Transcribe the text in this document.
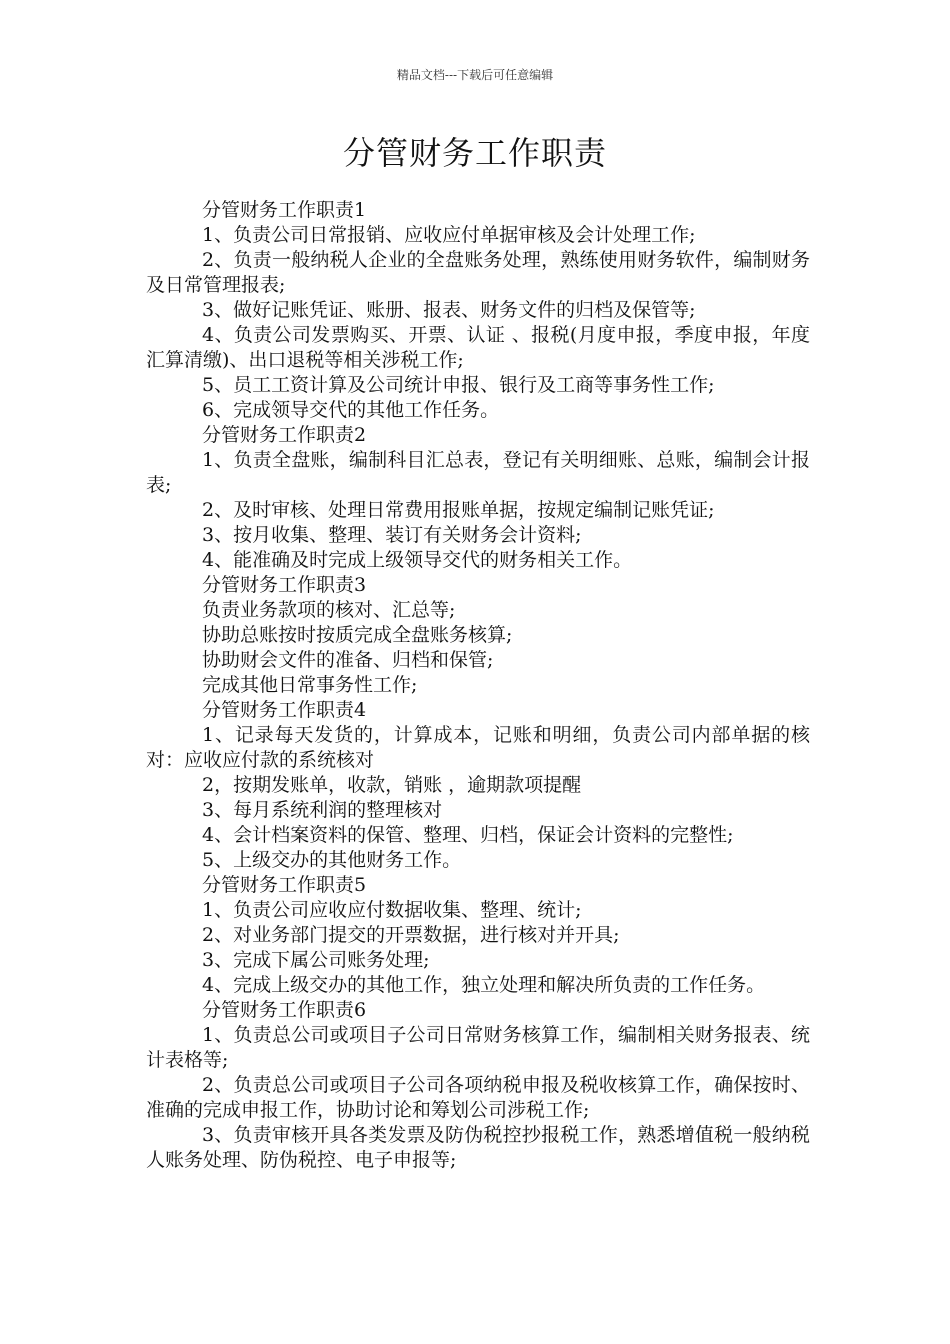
精品文档---下载后可任意编辑
分管财务工作职责

分管财务工作职责1

1、负责公司日常报销、应收应付单据审核及会计处理工作;

2、负责一般纳税人企业的全盘账务处理，熟练使用财务软件，编制财务及日常管理报表;

3、做好记账凭证、账册、报表、财务文件的归档及保管等;

4、负责公司发票购买、开票、认证 、报税(月度申报，季度申报，年度汇算清缴)、出口退税等相关涉税工作;

5、员工工资计算及公司统计申报、银行及工商等事务性工作;

6、完成领导交代的其他工作任务。

分管财务工作职责2

1、负责全盘账，编制科目汇总表，登记有关明细账、总账，编制会计报表;

2、及时审核、处理日常费用报账单据，按规定编制记账凭证;

3、按月收集、整理、装订有关财务会计资料;

4、能准确及时完成上级领导交代的财务相关工作。

分管财务工作职责3

负责业务款项的核对、汇总等;

协助总账按时按质完成全盘账务核算;

协助财会文件的准备、归档和保管;

完成其他日常事务性工作;

分管财务工作职责4

1、记录每天发货的，计算成本，记账和明细，负责公司内部单据的核对：应收应付款的系统核对

2，按期发账单，收款，销账 ，逾期款项提醒

3、每月系统利润的整理核对

4、会计档案资料的保管、整理、归档，保证会计资料的完整性;

5、上级交办的其他财务工作。

分管财务工作职责5

1、负责公司应收应付数据收集、整理、统计;

2、对业务部门提交的开票数据，进行核对并开具;

3、完成下属公司账务处理;

4、完成上级交办的其他工作，独立处理和解决所负责的工作任务。

分管财务工作职责6

1、负责总公司或项目子公司日常财务核算工作，编制相关财务报表、统计表格等;

2、负责总公司或项目子公司各项纳税申报及税收核算工作，确保按时、准确的完成申报工作，协助讨论和筹划公司涉税工作;

3、负责审核开具各类发票及防伪税控抄报税工作，熟悉增值税一般纳税人账务处理、防伪税控、电子申报等;
